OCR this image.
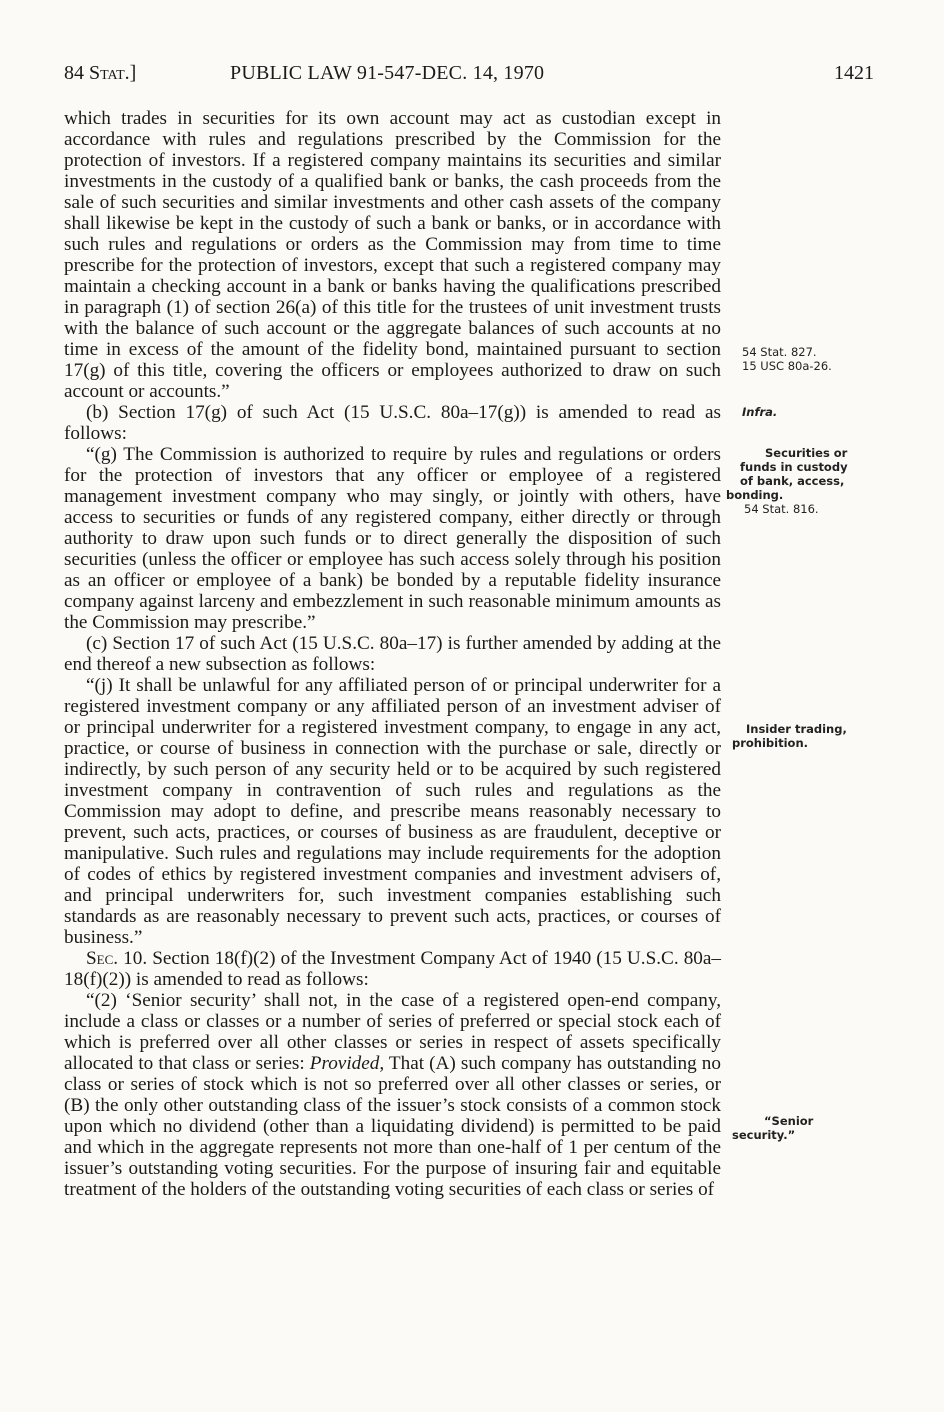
84 Stat.]	PUBLIC LAW 91-547-DEC. 14, 1970	1421

which trades in securities for its own account may act as custodian except in accordance with rules and regulations prescribed by the Commission for the protection of investors. If a registered company maintains its securities and similar investments in the custody of a qualified bank or banks, the cash proceeds from the sale of such securities and similar investments and other cash assets of the company shall likewise be kept in the custody of such a bank or banks, or in accordance with such rules and regulations or orders as the Commission may from time to time prescribe for the protection of investors, except that such a registered company may maintain a checking account in a bank or banks having the qualifications prescribed in paragraph (1) of section 26(a) of this title for the trustees of unit investment trusts with the balance of such account or the aggregate balances of such accounts at no time in excess of the amount of the fidelity bond, maintained pursuant to section 17(g) of this title, covering the officers or employees authorized to draw on such account or accounts.”

(b) Section 17(g) of such Act (15 U.S.C. 80a–17(g)) is amended to read as follows:

“(g) The Commission is authorized to require by rules and regulations or orders for the protection of investors that any officer or employee of a registered management investment company who may singly, or jointly with others, have access to securities or funds of any registered company, either directly or through authority to draw upon such funds or to direct generally the disposition of such securities (unless the officer or employee has such access solely through his position as an officer or employee of a bank) be bonded by a reputable fidelity insurance company against larceny and embezzlement in such reasonable minimum amounts as the Commission may prescribe.”

(c) Section 17 of such Act (15 U.S.C. 80a–17) is further amended by adding at the end thereof a new subsection as follows:

“(j) It shall be unlawful for any affiliated person of or principal underwriter for a registered investment company or any affiliated person of an investment adviser of or principal underwriter for a registered investment company, to engage in any act, practice, or course of business in connection with the purchase or sale, directly or indirectly, by such person of any security held or to be acquired by such registered investment company in contravention of such rules and regulations as the Commission may adopt to define, and prescribe means reasonably necessary to prevent, such acts, practices, or courses of business as are fraudulent, deceptive or manipulative. Such rules and regulations may include requirements for the adoption of codes of ethics by registered investment companies and investment advisers of, and principal underwriters for, such investment companies establishing such standards as are reasonably necessary to prevent such acts, practices, or courses of business.”

Sec. 10. Section 18(f)(2) of the Investment Company Act of 1940 (15 U.S.C. 80a–18(f)(2)) is amended to read as follows:

“(2) ‘Senior security’ shall not, in the case of a registered open-end company, include a class or classes or a number of series of preferred or special stock each of which is preferred over all other classes or series in respect of assets specifically allocated to that class or series: Provided, That (A) such company has outstanding no class or series of stock which is not so preferred over all other classes or series, or (B) the only other outstanding class of the issuer’s stock consists of a common stock upon which no dividend (other than a liquidating dividend) is permitted to be paid and which in the aggregate represents not more than one-half of 1 per centum of the issuer’s outstanding voting securities. For the purpose of insuring fair and equitable treatment of the holders of the outstanding voting securities of each class or series of

54 Stat. 827.
15 USC 80a-26.
Infra.
Securities or
funds in custody
of bank, access,
bonding.
54 Stat. 816.
Insider trading,
prohibition.
“Senior
security.”
